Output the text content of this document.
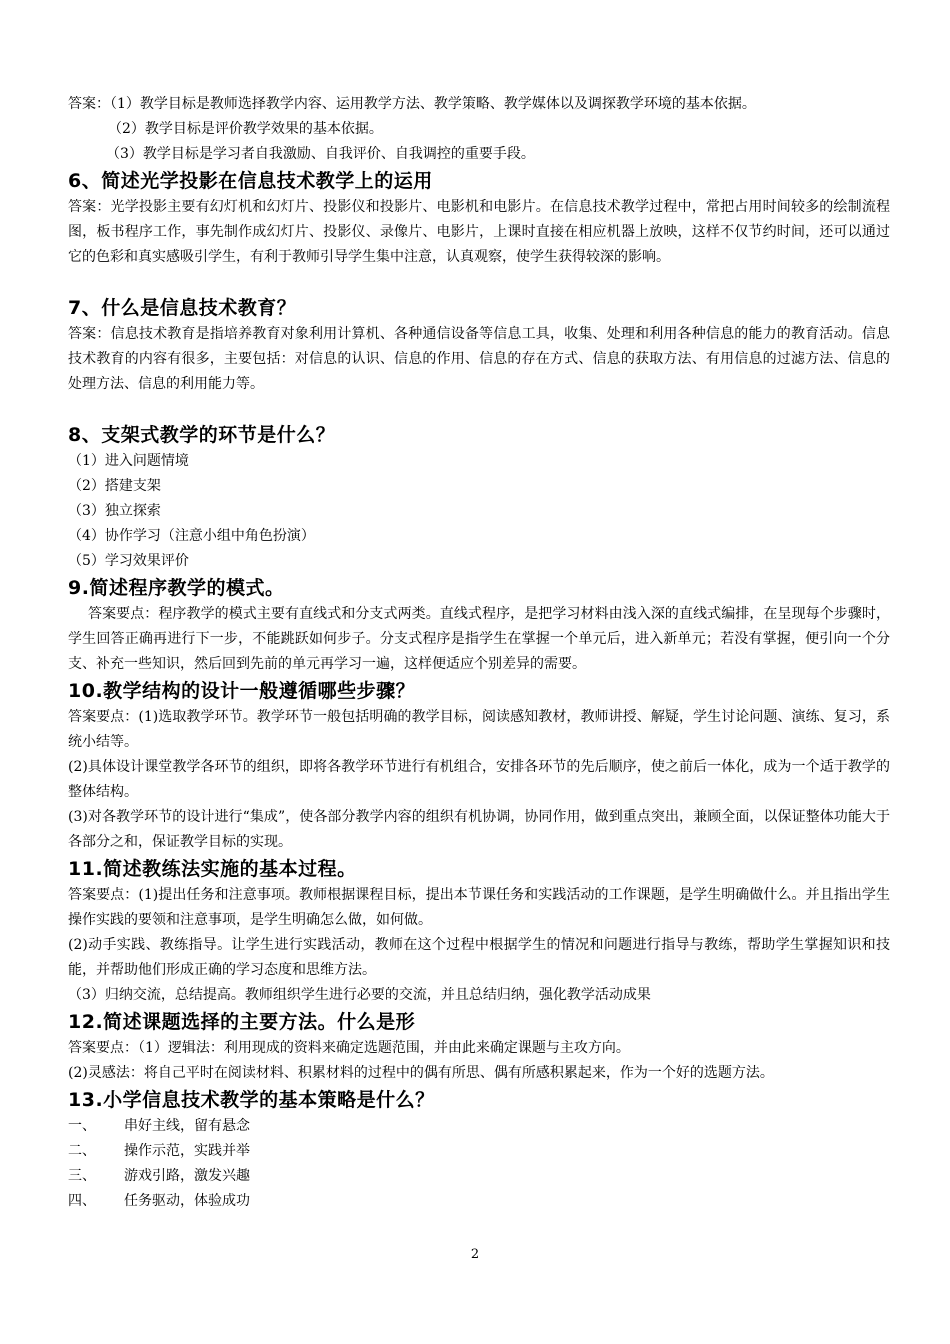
答案：（1）教学目标是教师选择教学内容、运用教学方法、教学策略、教学媒体以及调探教学环境的基本依据。

（2）教学目标是评价教学效果的基本依据。

（3）教学目标是学习者自我激励、自我评价、自我调控的重要手段。

6、简述光学投影在信息技术教学上的运用

答案：光学投影主要有幻灯机和幻灯片、投影仪和投影片、电影机和电影片。在信息技术教学过程中，常把占用时间较多的绘制流程图，板书程序工作，事先制作成幻灯片、投影仪、录像片、电影片，上课时直接在相应机器上放映，这样不仅节约时间，还可以通过它的色彩和真实感吸引学生，有利于教师引导学生集中注意，认真观察，使学生获得较深的影响。

7、什么是信息技术教育？

答案：信息技术教育是指培养教育对象利用计算机、各种通信设备等信息工具，收集、处理和利用各种信息的能力的教育活动。信息技术教育的内容有很多，主要包括：对信息的认识、信息的作用、信息的存在方式、信息的获取方法、有用信息的过滤方法、信息的处理方法、信息的利用能力等。

8、支架式教学的环节是什么？

（1）进入问题情境

（2）搭建支架

（3）独立探索

（4）协作学习（注意小组中角色扮演）

（5）学习效果评价

9.简述程序教学的模式。

答案要点：程序教学的模式主要有直线式和分支式两类。直线式程序，是把学习材料由浅入深的直线式编排，在呈现每个步骤时，学生回答正确再进行下一步，不能跳跃如何步子。分支式程序是指学生在掌握一个单元后，进入新单元；若没有掌握，便引向一个分支、补充一些知识，然后回到先前的单元再学习一遍，这样便适应个别差异的需要。

10.教学结构的设计一般遵循哪些步骤？

答案要点：(1)选取教学环节。教学环节一般包括明确的教学目标，阅读感知教材，教师讲授、解疑，学生讨论问题、演练、复习，系统小结等。

(2)具体设计课堂教学各环节的组织，即将各教学环节进行有机组合，安排各环节的先后顺序，使之前后一体化，成为一个适于教学的整体结构。

(3)对各教学环节的设计进行“集成”，使各部分教学内容的组织有机协调，协同作用，做到重点突出，兼顾全面，以保证整体功能大于各部分之和，保证教学目标的实现。

11.简述教练法实施的基本过程。

答案要点：(1)提出任务和注意事项。教师根据课程目标，提出本节课任务和实践活动的工作课题，是学生明确做什么。并且指出学生操作实践的要领和注意事项，是学生明确怎么做，如何做。

(2)动手实践、教练指导。让学生进行实践活动，教师在这个过程中根据学生的情况和问题进行指导与教练，帮助学生掌握知识和技能，并帮助他们形成正确的学习态度和思维方法。

（3）归纳交流，总结提高。教师组织学生进行必要的交流，并且总结归纳，强化教学活动成果

12.简述课题选择的主要方法。什么是形

答案要点：（1）逻辑法：利用现成的资料来确定选题范围，并由此来确定课题与主攻方向。

(2)灵感法：将自己平时在阅读材料、积累材料的过程中的偶有所思、偶有所感积累起来，作为一个好的选题方法。

13.小学信息技术教学的基本策略是什么？

一、	串好主线，留有悬念

二、	操作示范，实践并举

三、	游戏引路，激发兴趣

四、	任务驱动，体验成功

2
